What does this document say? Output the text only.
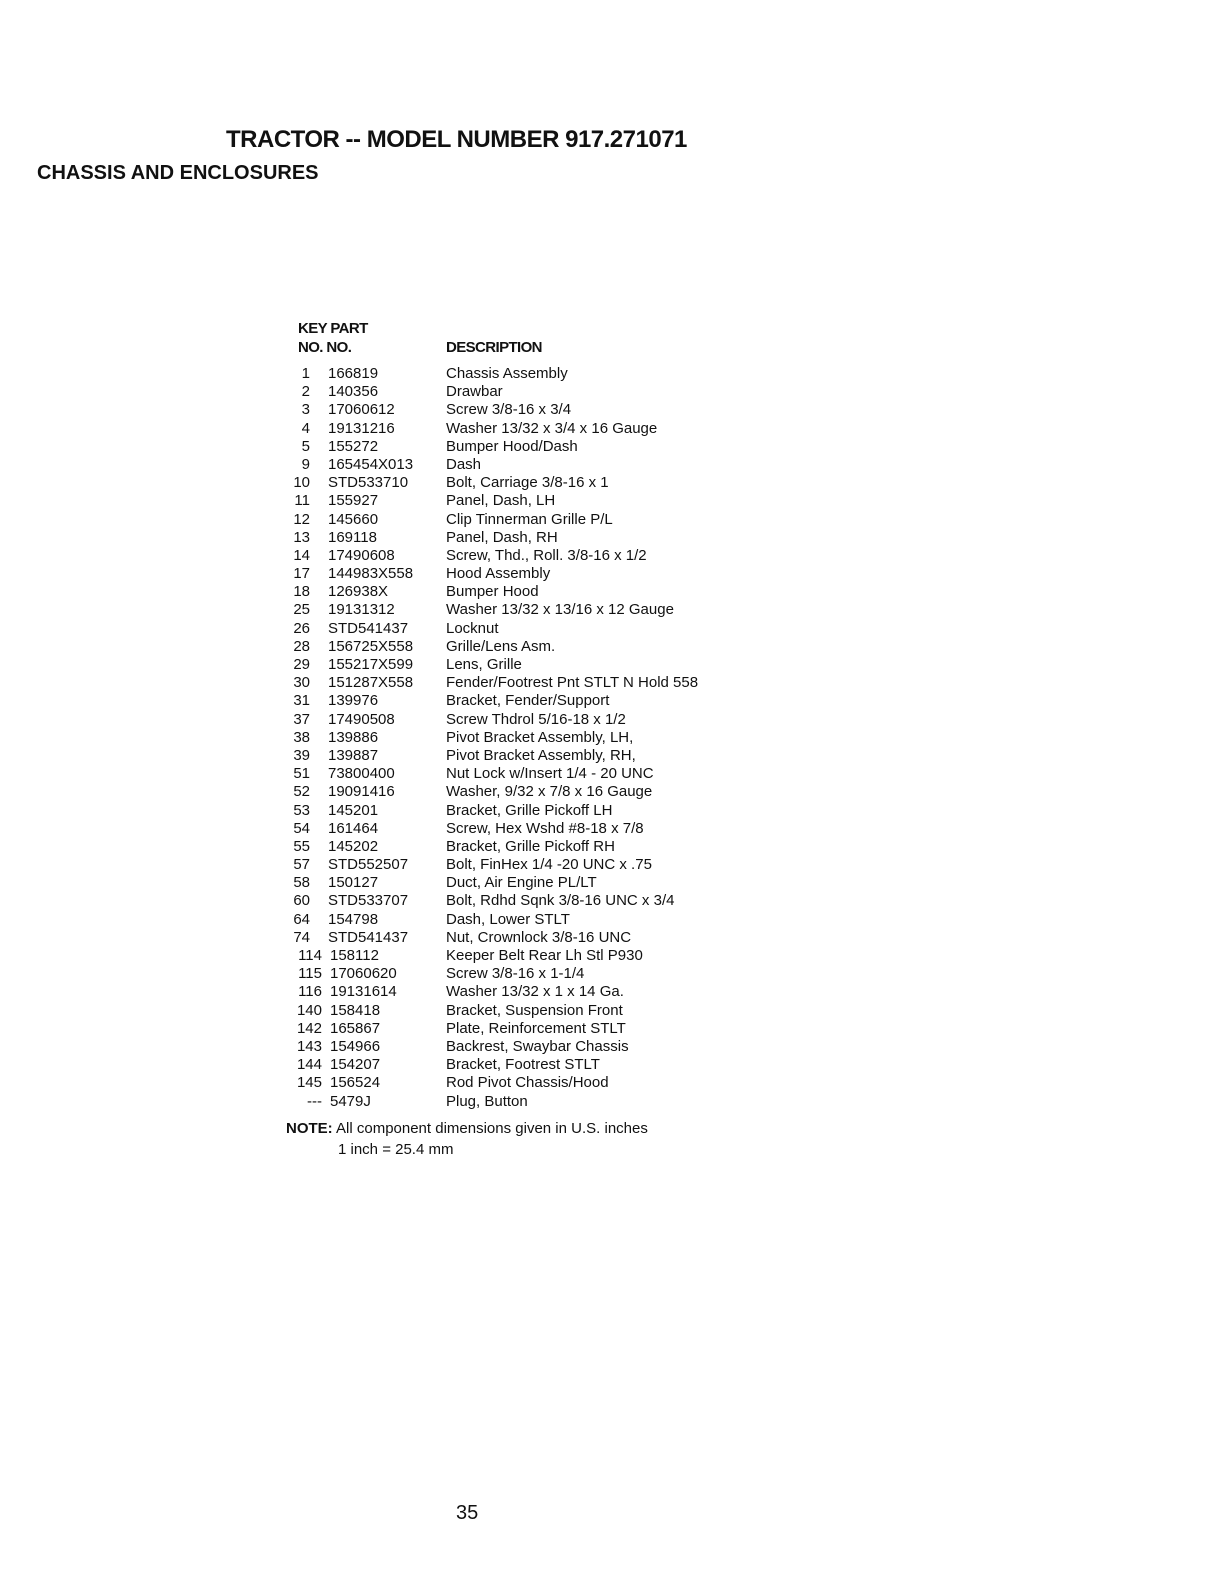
TRACTOR -- MODEL NUMBER 917.271071
CHASSIS AND ENCLOSURES
KEY PART
NO. NO.	DESCRIPTION
1 166819	Chassis Assembly
2 140356	Drawbar
3 17060612	Screw 3/8-16 x 3/4
4 19131216	Washer 13/32 x 3/4 x 16 Gauge
5 155272	Bumper Hood/Dash
9 165454X013 Dash
10 STD533710	Bolt, Carriage 3/8-16 x 1
11 155927	Panel, Dash, LH
12 145660	Clip Tinnerman Grille P/L
13 169118	Panel, Dash, RH
14 17490608	Screw, Thd., Roll. 3/8-16 x 1/2
17 144983X558 Hood Assembly
18 126938X	Bumper Hood
25 19131312	Washer 13/32 x 13/16 x 12 Gauge
26 STD541437	Locknut
28 156725X558 Grille/Lens Asm.
29 155217X599 Lens, Grille
30 151287X558 Fender/Footrest Pnt STLT N Hold 558
31 139976	Bracket, Fender/Support
37 17490508	Screw Thdrol 5/16-18 x 1/2
38 139886	Pivot Bracket Assembly, LH,
39 139887	Pivot Bracket Assembly, RH,
51 73800400	Nut Lock w/Insert 1/4 - 20 UNC
52 19091416	Washer, 9/32 x 7/8 x 16 Gauge
53 145201	Bracket, Grille Pickoff LH
54 161464	Screw, Hex Wshd #8-18 x 7/8
55 145202	Bracket, Grille Pickoff RH
57 STD552507	Bolt, FinHex 1/4 -20 UNC x .75
58 150127	Duct, Air Engine PL/LT
60 STD533707	Bolt, Rdhd Sqnk 3/8-16 UNC x 3/4
64 154798	Dash, Lower STLT
74 STD541437	Nut, Crownlock 3/8-16 UNC
114 158112	Keeper Belt Rear Lh Stl P930
115 17060620	Screw 3/8-16 x 1-1/4
116 19131614	Washer 13/32 x 1 x 14 Ga.
140 158418	Bracket, Suspension Front
142 165867	Plate, Reinforcement STLT
143 154966	Backrest, Swaybar Chassis
144 154207	Bracket, Footrest STLT
145 156524	Rod Pivot Chassis/Hood
--- 5479J	Plug, Button
NOTE: All component dimensions given in U.S. inches
1 inch = 25.4 mm
35
